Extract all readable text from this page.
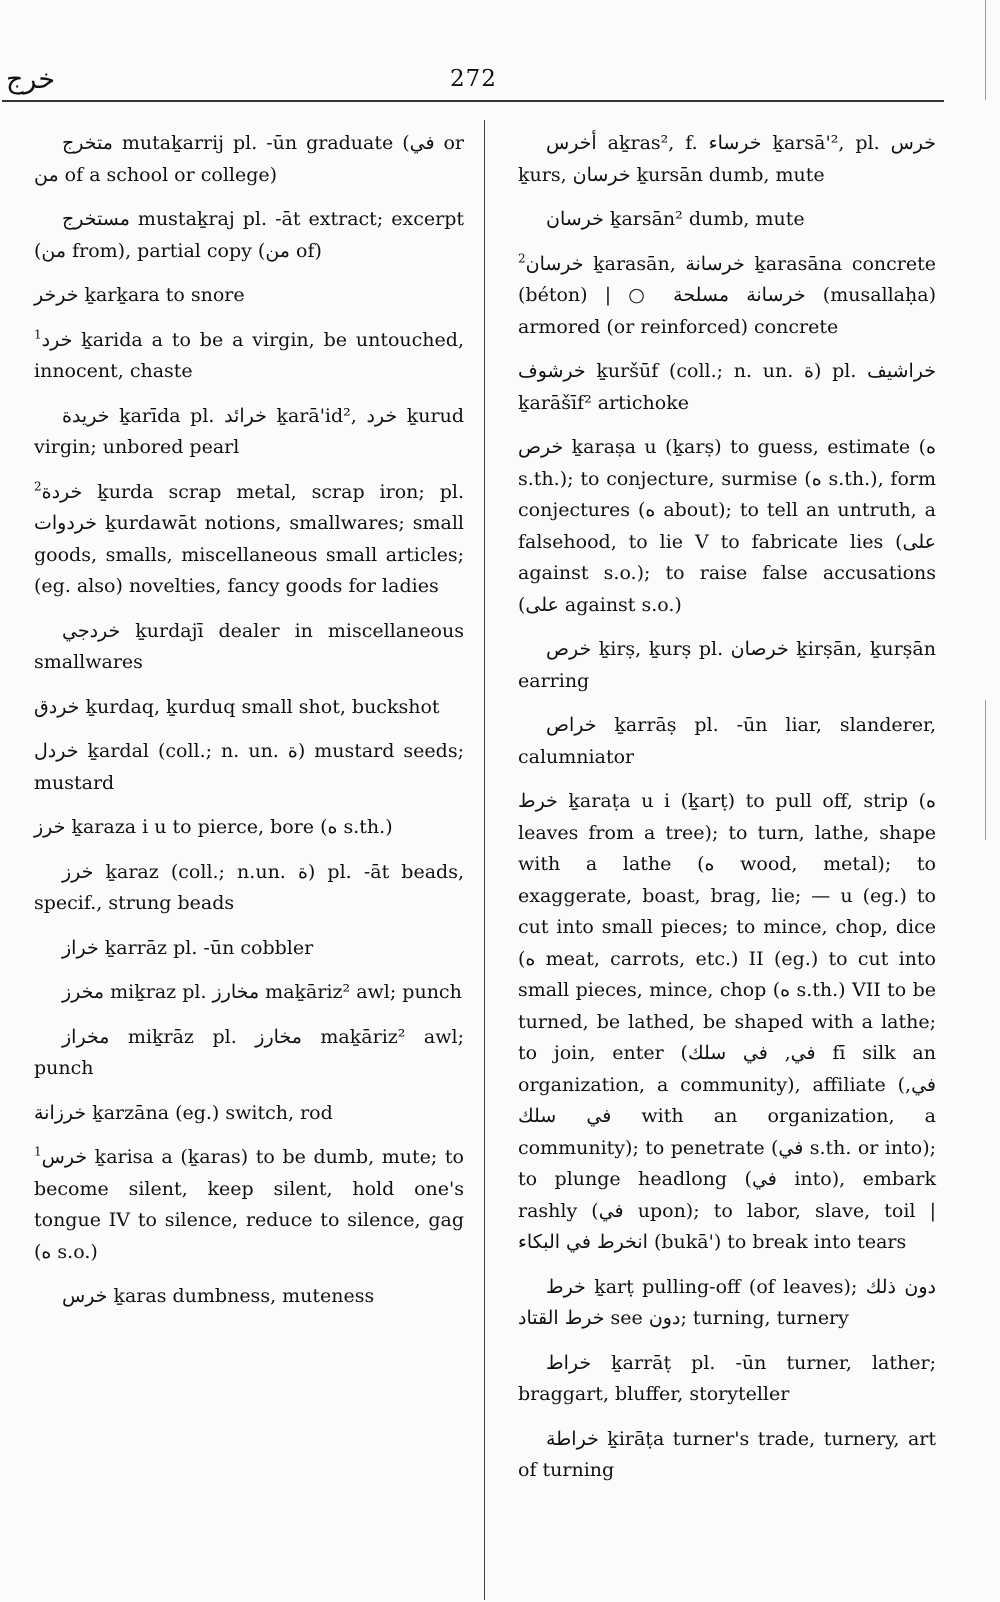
خرج	272
متخرج mutaḵarrij pl. -ūn graduate (في or من of a school or college)
مستخرج mustaḵraj pl. -āt extract; excerpt (من from), partial copy (من of)
خرخر ḵarḵara to snore
$^1$خرد ḵarida a to be a virgin, be untouched, innocent, chaste
خريدة ḵarīda pl. خرائد ḵarā'id², خرد ḵurud virgin; unbored pearl
$^2$خردة ḵurda scrap metal, scrap iron; pl. خردوات ḵurdawāt notions, smallwares; small goods, smalls, miscellaneous small articles; (eg. also) novelties, fancy goods for ladies
خردجي ḵurdajī dealer in miscellaneous smallwares
خردق ḵurdaq, ḵurduq small shot, buckshot
خردل ḵardal (coll.; n. un. ة) mustard seeds; mustard
خرز ḵaraza i u to pierce, bore (ه s.th.)
خرز ḵaraz (coll.; n.un. ة) pl. -āt beads, specif., strung beads
خراز ḵarrāz pl. -ūn cobbler
مخرز miḵraz pl. مخارز maḵāriz² awl; punch
مخراز miḵrāz pl. مخارز maḵāriz² awl; punch
خرزانة ḵarzāna (eg.) switch, rod
$^1$خرس ḵarisa a (ḵaras) to be dumb, mute; to become silent, keep silent, hold one's tongue IV to silence, reduce to silence, gag (ه s.o.)
خرس ḵaras dumbness, muteness
أخرس aḵras², f. خرساء ḵarsā'², pl. خرس ḵurs, خرسان ḵursān dumb, mute
خرسان ḵarsān² dumb, mute
$^2$خرسان ḵarasān, خرسانة ḵarasāna concrete (béton) | ○ خرسانة مسلحة (musallaḥa) armored (or reinforced) concrete
خرشوف ḵuršūf (coll.; n. un. ة) pl. خراشيف ḵarāšīf² artichoke
خرص ḵaraṣa u (ḵarṣ) to guess, estimate (ه s.th.); to conjecture, surmise (ه s.th.), form conjectures (ه about); to tell an untruth, a falsehood, to lie V to fabricate lies (على against s.o.); to raise false accusations (على against s.o.)
خرص ḵirṣ, ḵurṣ pl. خرصان ḵirṣān, ḵurṣān earring
خراص ḵarrāṣ pl. -ūn liar, slanderer, calumniator
خرط ḵaraṭa u i (ḵarṭ) to pull off, strip (ه leaves from a tree); to turn, lathe, shape with a lathe (ه wood, metal); to exaggerate, boast, brag, lie; — u (eg.) to cut into small pieces; to mince, chop, dice (ه meat, carrots, etc.) II (eg.) to cut into small pieces, mince, chop (ه s.th.) VII to be turned, be lathed, be shaped with a lathe; to join, enter (في, في سلك fī silk an organization, a community), affiliate (في, في سلك with an organization, a community); to penetrate (في s.th. or into); to plunge headlong (في into), embark rashly (في upon); to labor, slave, toil | انخرط في البكاء (bukā') to break into tears
خرط ḵarṭ pulling-off (of leaves); دون ذلك خرط القتاد see دون; turning, turnery
خراط ḵarrāṭ pl. -ūn turner, lather; braggart, bluffer, storyteller
خراطة ḵirāṭa turner's trade, turnery, art of turning
